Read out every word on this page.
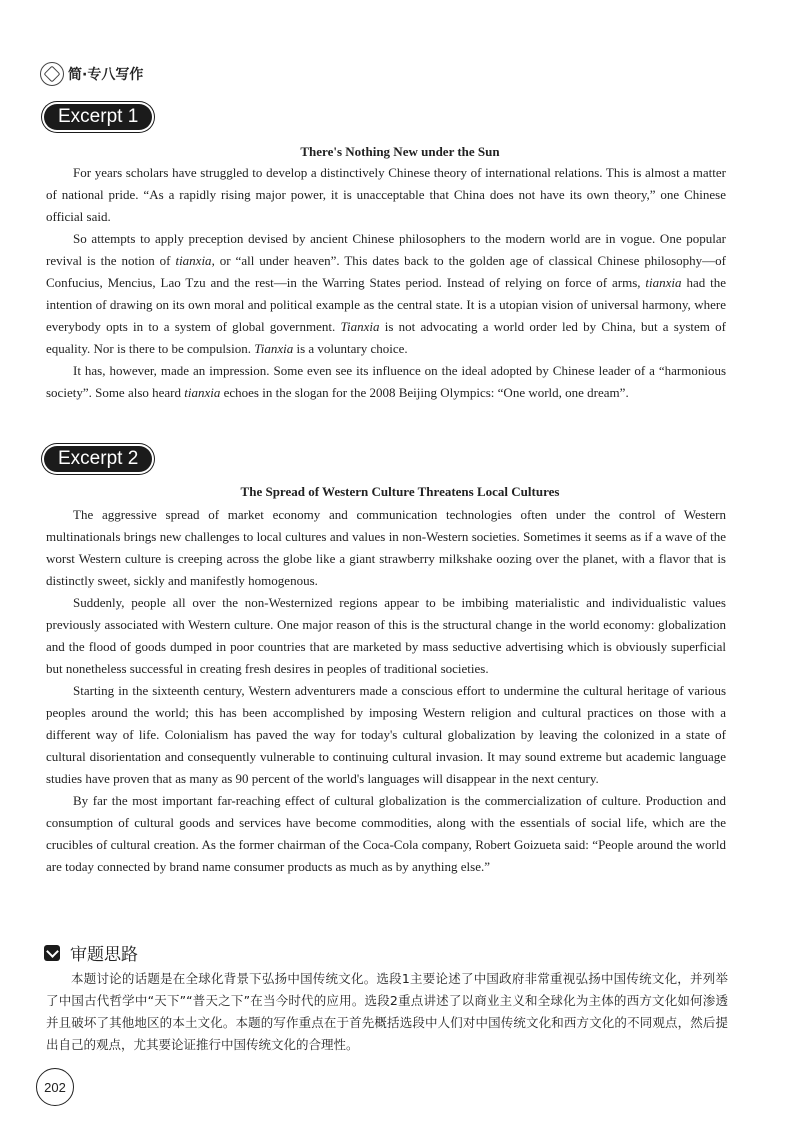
简·专八写作
Excerpt 1
There's Nothing New under the Sun

For years scholars have struggled to develop a distinctively Chinese theory of international relations. This is almost a matter of national pride. “As a rapidly rising major power, it is unacceptable that China does not have its own theory,” one Chinese official said.

So attempts to apply preception devised by ancient Chinese philosophers to the modern world are in vogue. One popular revival is the notion of tianxia, or “all under heaven”. This dates back to the golden age of classical Chinese philosophy—of Confucius, Mencius, Lao Tzu and the rest—in the Warring States period. Instead of relying on force of arms, tianxia had the intention of drawing on its own moral and political example as the central state. It is a utopian vision of universal harmony, where everybody opts in to a system of global government. Tianxia is not advocating a world order led by China, but a system of equality. Nor is there to be compulsion. Tianxia is a voluntary choice.

It has, however, made an impression. Some even see its influence on the ideal adopted by Chinese leader of a “harmonious society”. Some also heard tianxia echoes in the slogan for the 2008 Beijing Olympics: “One world, one dream”.

Excerpt 2
The Spread of Western Culture Threatens Local Cultures

The aggressive spread of market economy and communication technologies often under the control of Western multinationals brings new challenges to local cultures and values in non-Western societies. Sometimes it seems as if a wave of the worst Western culture is creeping across the globe like a giant strawberry milkshake oozing over the planet, with a flavor that is distinctly sweet, sickly and manifestly homogenous.

Suddenly, people all over the non-Westernized regions appear to be imbibing materialistic and individualistic values previously associated with Western culture. One major reason of this is the structural change in the world economy: globalization and the flood of goods dumped in poor countries that are marketed by mass seductive advertising which is obviously superficial but nonetheless successful in creating fresh desires in peoples of traditional societies.

Starting in the sixteenth century, Western adventurers made a conscious effort to undermine the cultural heritage of various peoples around the world; this has been accomplished by imposing Western religion and cultural practices on those with a different way of life. Colonialism has paved the way for today's cultural globalization by leaving the colonized in a state of cultural disorientation and consequently vulnerable to continuing cultural invasion. It may sound extreme but academic language studies have proven that as many as 90 percent of the world's languages will disappear in the next century.

By far the most important far-reaching effect of cultural globalization is the commercialization of culture. Production and consumption of cultural goods and services have become commodities, along with the essentials of social life, which are the crucibles of cultural creation. As the former chairman of the Coca-Cola company, Robert Goizueta said: “People around the world are today connected by brand name consumer products as much as by anything else.”

审题思路

本题讨论的话题是在全球化背景下弘扬中国传统文化。选段1主要论述了中国政府非常重视弘扬中国传统文化，并列举了中国古代哲学中“天下”“普天之下”在当今时代的应用。选段2重点讲述了以商业主义和全球化为主体的西方文化如何渗透并且破坏了其他地区的本土文化。本题的写作重点在于首先概括选段中人们对中国传统文化和西方文化的不同观点，然后提出自己的观点，尤其要论证推行中国传统文化的合理性。

202
